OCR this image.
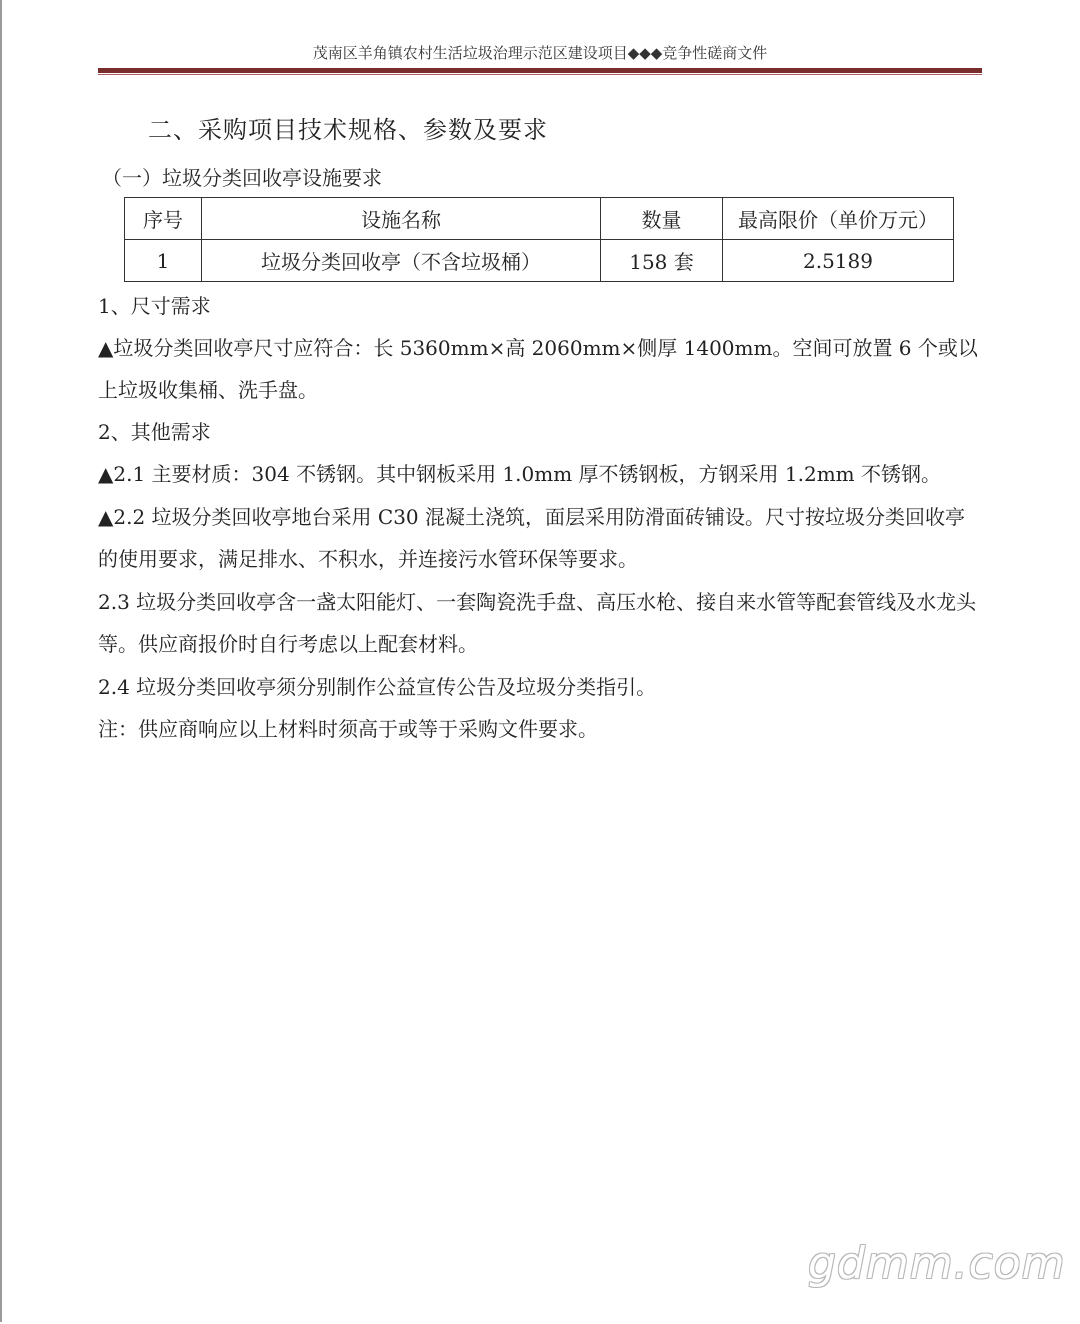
茂南区羊角镇农村生活垃圾治理示范区建设项目◆◆◆竞争性磋商文件
二、采购项目技术规格、参数及要求
（一）垃圾分类回收亭设施要求
序号	设施名称	数量	最高限价（单价万元）
1	垃圾分类回收亭（不含垃圾桶）	158 套	2.5189
1、尺寸需求
▲垃圾分类回收亭尺寸应符合：长 5360mm×高 2060mm×侧厚 1400mm。空间可放置 6 个或以上垃圾收集桶、洗手盘。
2、其他需求
▲2.1 主要材质：304 不锈钢。其中钢板采用 1.0mm 厚不锈钢板，方钢采用 1.2mm 不锈钢。
▲2.2 垃圾分类回收亭地台采用 C30 混凝土浇筑，面层采用防滑面砖铺设。尺寸按垃圾分类回收亭的使用要求，满足排水、不积水，并连接污水管环保等要求。
2.3 垃圾分类回收亭含一盏太阳能灯、一套陶瓷洗手盘、高压水枪、接自来水管等配套管线及水龙头等。供应商报价时自行考虑以上配套材料。
2.4 垃圾分类回收亭须分别制作公益宣传公告及垃圾分类指引。
注：供应商响应以上材料时须高于或等于采购文件要求。
gdmm.com
